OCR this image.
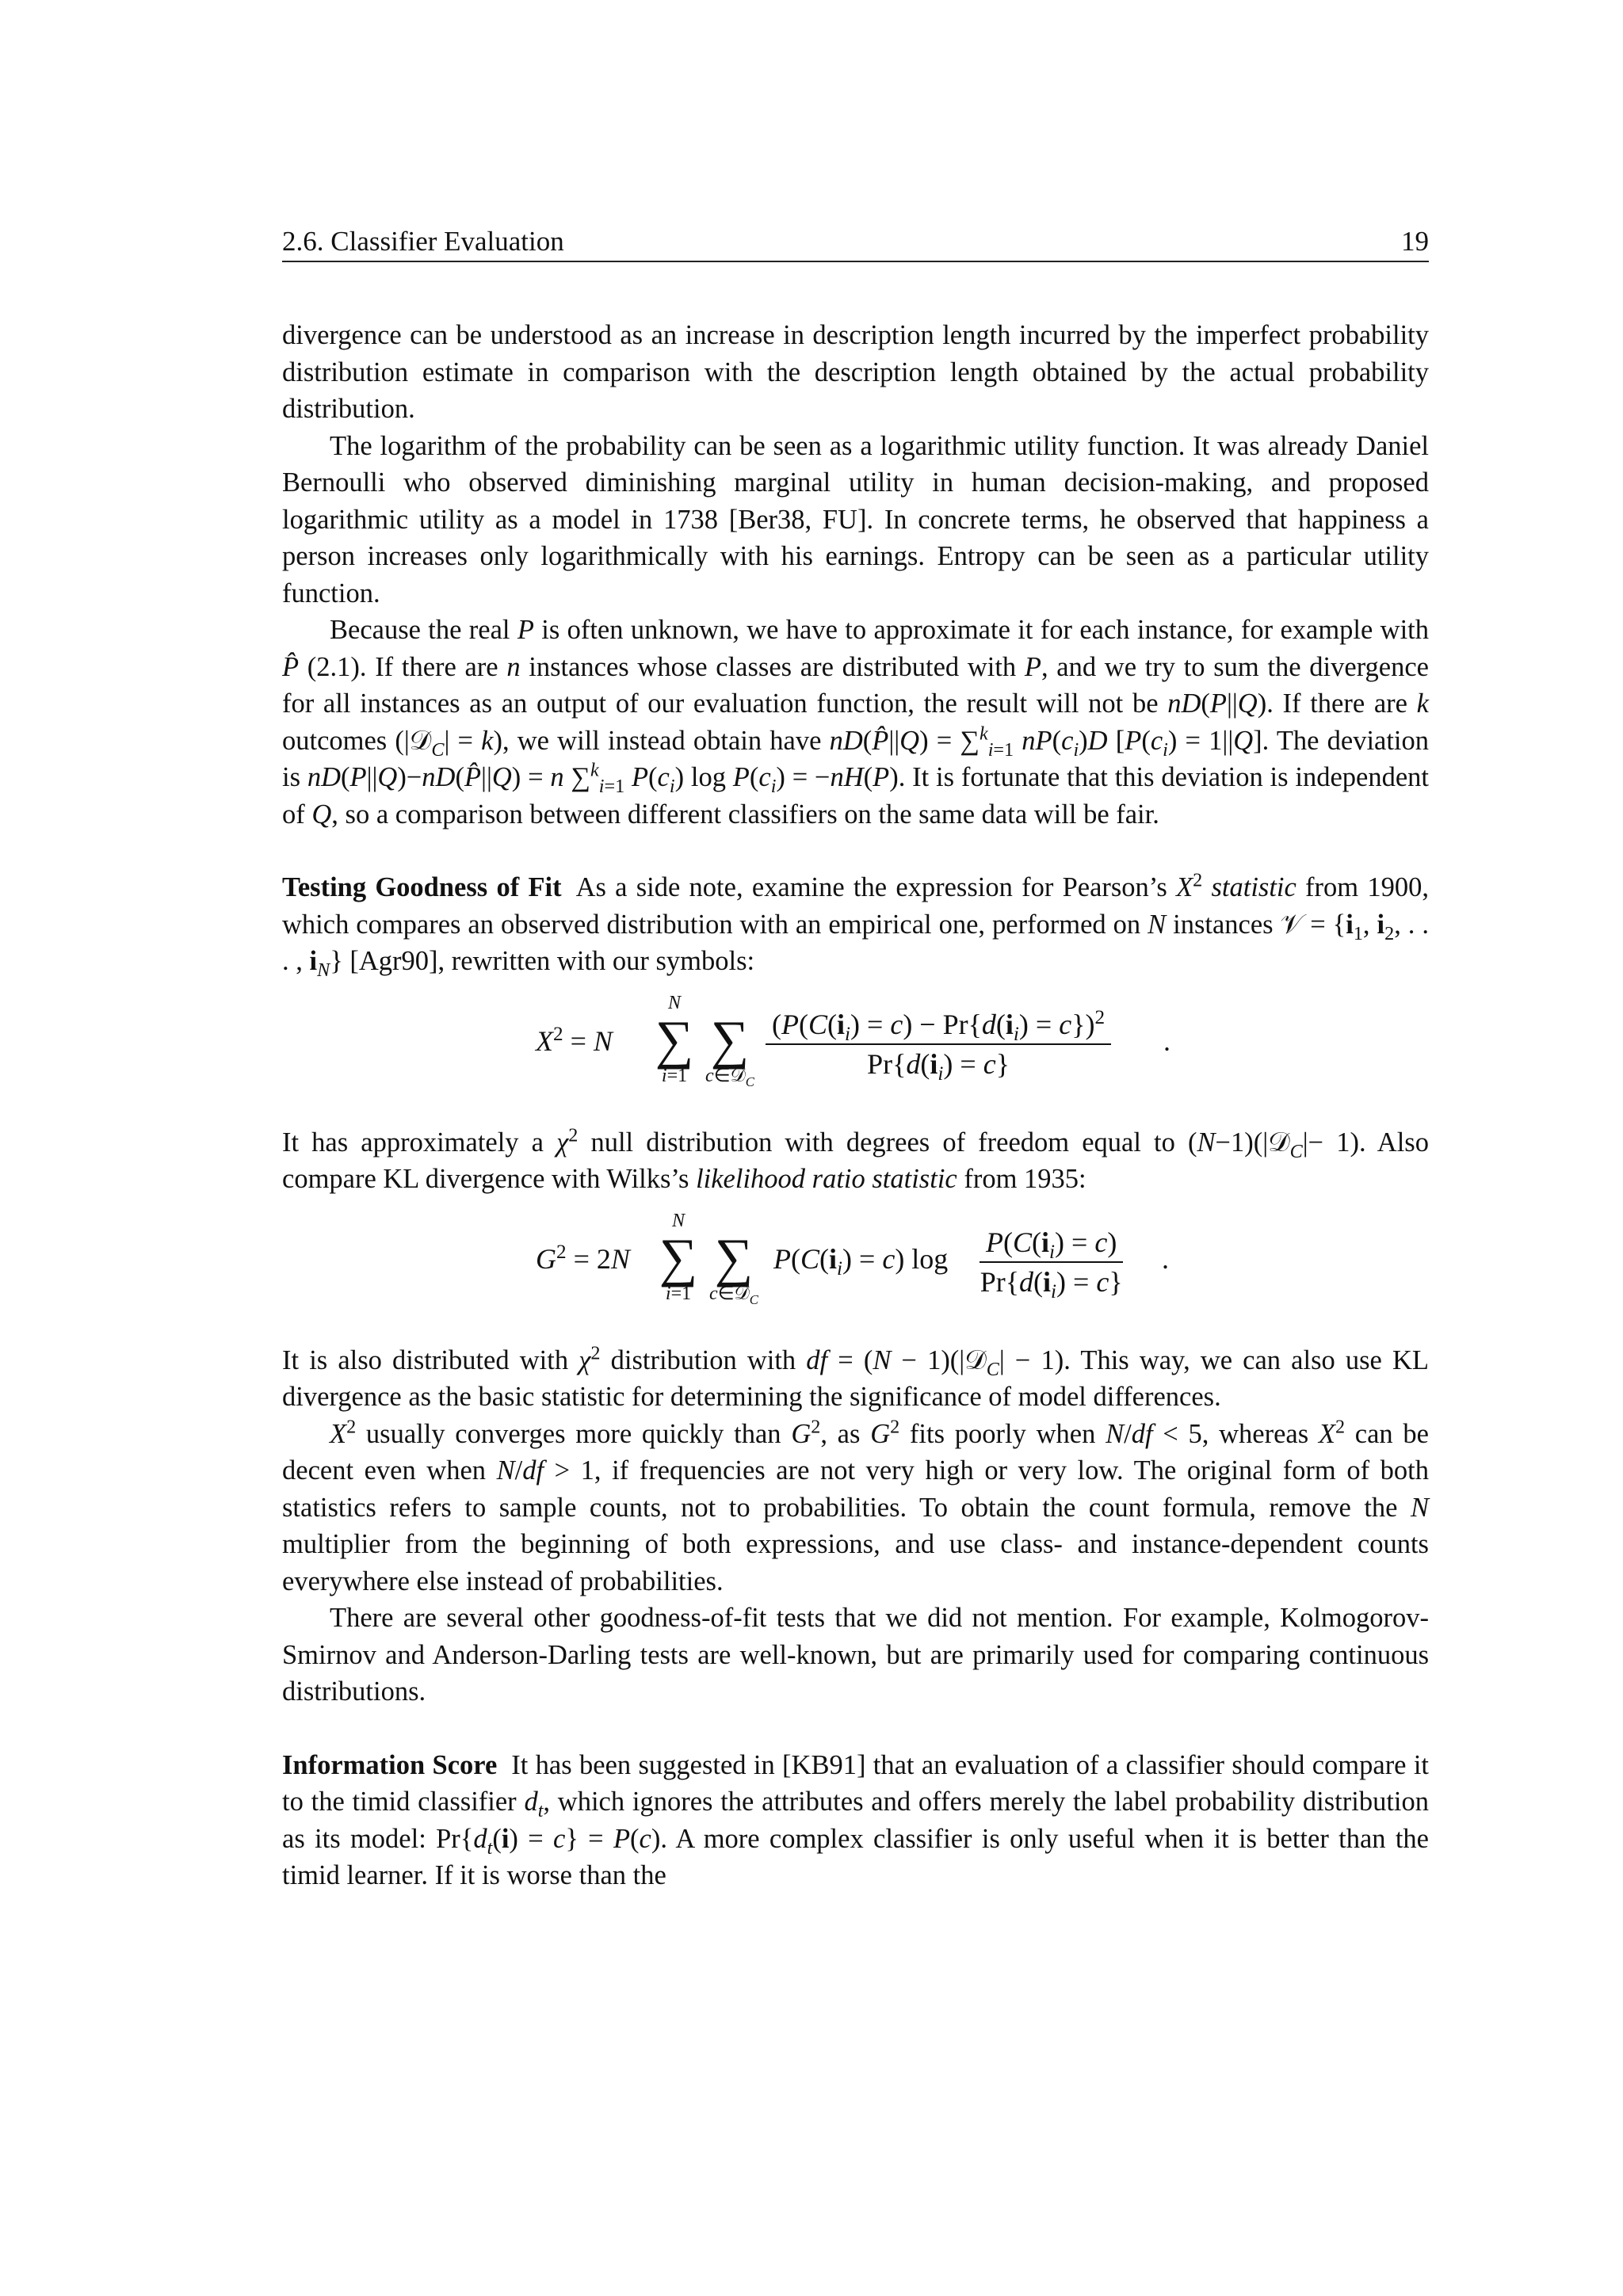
2.6. Classifier Evaluation	19

divergence can be understood as an increase in description length incurred by the imperfect probability distribution estimate in comparison with the description length obtained by the actual probability distribution.

The logarithm of the probability can be seen as a logarithmic utility function. It was already Daniel Bernoulli who observed diminishing marginal utility in human decision-making, and proposed logarithmic utility as a model in 1738 [Ber38, FU]. In concrete terms, he observed that happiness a person increases only logarithmically with his earnings. Entropy can be seen as a particular utility function.

Because the real P is often unknown, we have to approximate it for each instance, for example with P̂ (2.1). If there are n instances whose classes are distributed with P, and we try to sum the divergence for all instances as an output of our evaluation function, the result will not be nD(P||Q). If there are k outcomes (|𝒟$_C$| = k), we will instead obtain have nD(P̂||Q) = ∑$^k_{i=1}$ $nP(c_i)D$ $[P(c_i) = 1||Q]$. The deviation is nD(P||Q)−nD(P̂||Q) = n ∑$^k_{i=1}$ $P(c_i)$ $\log P(c_i) = -nH(P)$. It is fortunate that this deviation is independent of Q, so a comparison between different classifiers on the same data will be fair.

Testing Goodness of Fit As a side note, examine the expression for Pearson’s $X^2$ statistic from 1900, which compares an observed distribution with an empirical one, performed on N instances 𝒱 = {$i_1$, $i_2$, . . . , $i_N$} [Agr90], rewritten with our symbols:

$X^2 = N$
N
∑
i=1

∑
c∈𝒟$_C$ $\frac{(P(C(i_i) = c) - Pr\{d(i_i) = c\})^2}{Pr\{d(i_i) = c\}}$ .

It has approximately a $\chi^2$ null distribution with degrees of freedom equal to (N−1)(|𝒟$_C$|− 1). Also compare KL divergence with Wilks’s likelihood ratio statistic from 1935:

$G^2 = 2N$
N
∑
i=1

∑
c∈𝒟$_C$
$P(C(i_i) = c)$ $\log \frac{P(C(i_i) = c)}{Pr\{d(i_i) = c\}}$ .

It is also distributed with $\chi^2$ distribution with df = (N − 1)(|𝒟$_C$| − 1). This way, we can also use KL divergence as the basic statistic for determining the significance of model differences.

$X^2$ usually converges more quickly than $G^2$, as $G^2$ fits poorly when N/df < 5, whereas $X^2$ can be decent even when N/df > 1, if frequencies are not very high or very low. The original form of both statistics refers to sample counts, not to probabilities. To obtain the count formula, remove the N multiplier from the beginning of both expressions, and use class- and instance-dependent counts everywhere else instead of probabilities.

There are several other goodness-of-fit tests that we did not mention. For example, Kolmogorov-Smirnov and Anderson-Darling tests are well-known, but are primarily used for comparing continuous distributions.

Information Score It has been suggested in [KB91] that an evaluation of a classifier should compare it to the timid classifier $d_t$, which ignores the attributes and offers merely the label probability distribution as its model: $Pr\{d_t(i) = c\} = P(c)$. A more complex classifier is only useful when it is better than the timid learner. If it is worse than the
